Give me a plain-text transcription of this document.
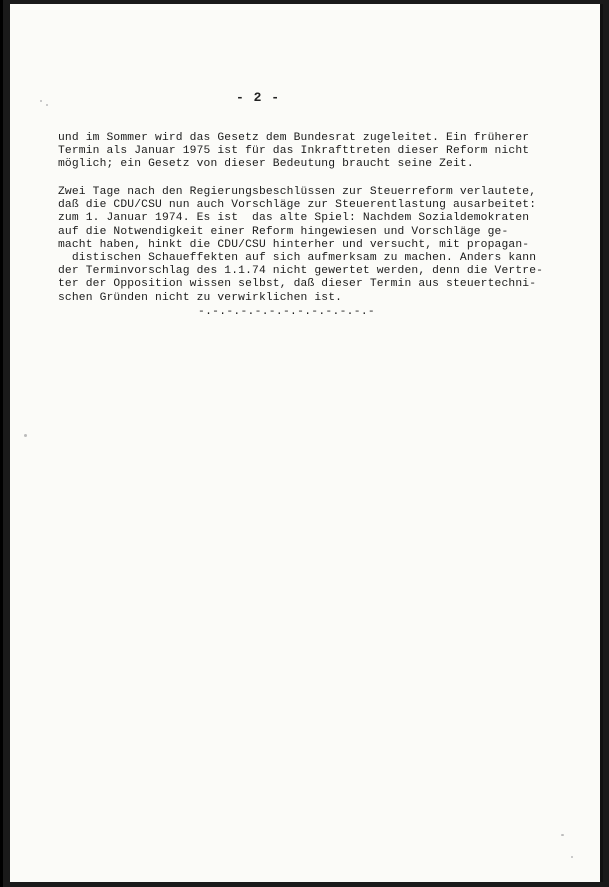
- 2 -
und im Sommer wird das Gesetz dem Bundesrat zugeleitet. Ein früherer
Termin als Januar 1975 ist für das Inkrafttreten dieser Reform nicht
möglich; ein Gesetz von dieser Bedeutung braucht seine Zeit.
Zwei Tage nach den Regierungsbeschlüssen zur Steuerreform verlautete,
daß die CDU/CSU nun auch Vorschläge zur Steuerentlastung ausarbeitet:
zum 1. Januar 1974. Es ist  das alte Spiel: Nachdem Sozialdemokraten
auf die Notwendigkeit einer Reform hingewiesen und Vorschläge ge-
macht haben, hinkt die CDU/CSU hinterher und versucht, mit propagan-
distischen Schaueffekten auf sich aufmerksam zu machen. Anders kann
der Terminvorschlag des 1.1.74 nicht gewertet werden, denn die Vertre-
ter der Opposition wissen selbst, daß dieser Termin aus steuertechni-
schen Gründen nicht zu verwirklichen ist.
-.-.-.-.-.-.-.-.-.-.-.-.-
